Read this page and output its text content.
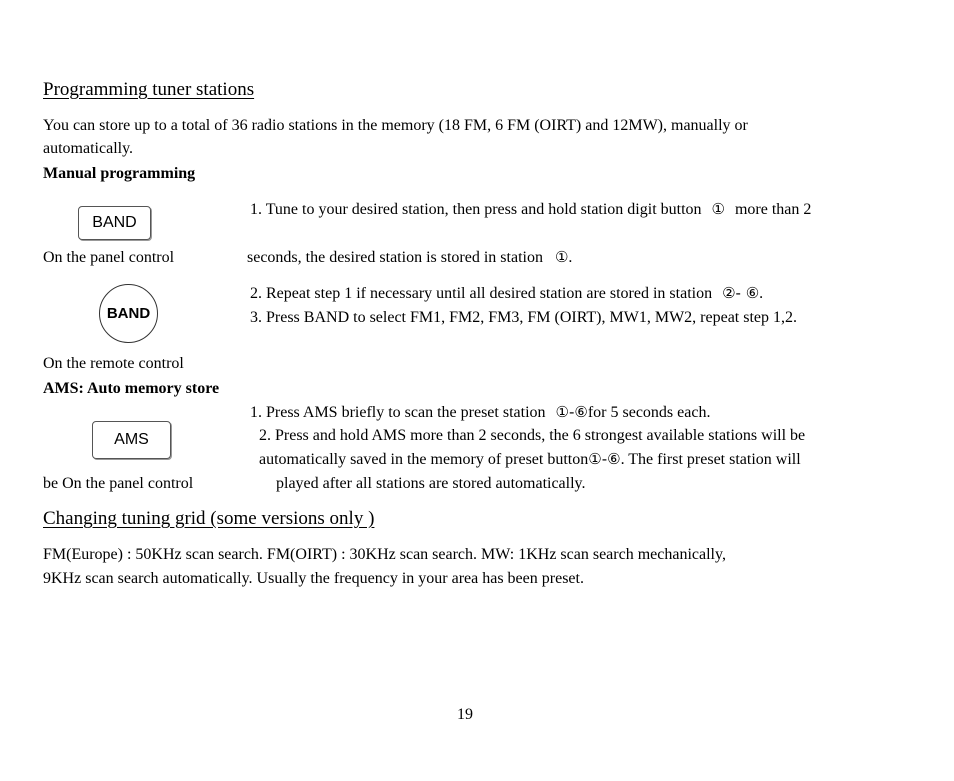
Programming tuner stations
You can store up to a total of 36 radio stations in the memory (18 FM, 6 FM (OIRT) and 12MW), manually or
automatically.
Manual programming
BAND
1. Tune to your desired station, then press and hold station digit button ① more than 2
On the panel control	seconds, the desired station is stored in station ①.
2. Repeat step 1 if necessary until all desired station are stored in station ②- ⑥.
BAND	3. Press BAND to select FM1, FM2, FM3, FM (OIRT), MW1, MW2, repeat step 1,2.
On the remote control
AMS: Auto memory store
1. Press AMS briefly to scan the preset station ①-⑥for 5 seconds each.
AMS	2. Press and hold AMS more than 2 seconds, the 6 strongest available stations will be
automatically saved in the memory of preset button①-⑥. The first preset station will
be On the panel control	played after all stations are stored automatically.
Changing tuning grid (some versions only )
FM(Europe) : 50KHz scan search. FM(OIRT) : 30KHz scan search. MW: 1KHz scan search mechanically,
9KHz scan search automatically. Usually the frequency in your area has been preset.
19
